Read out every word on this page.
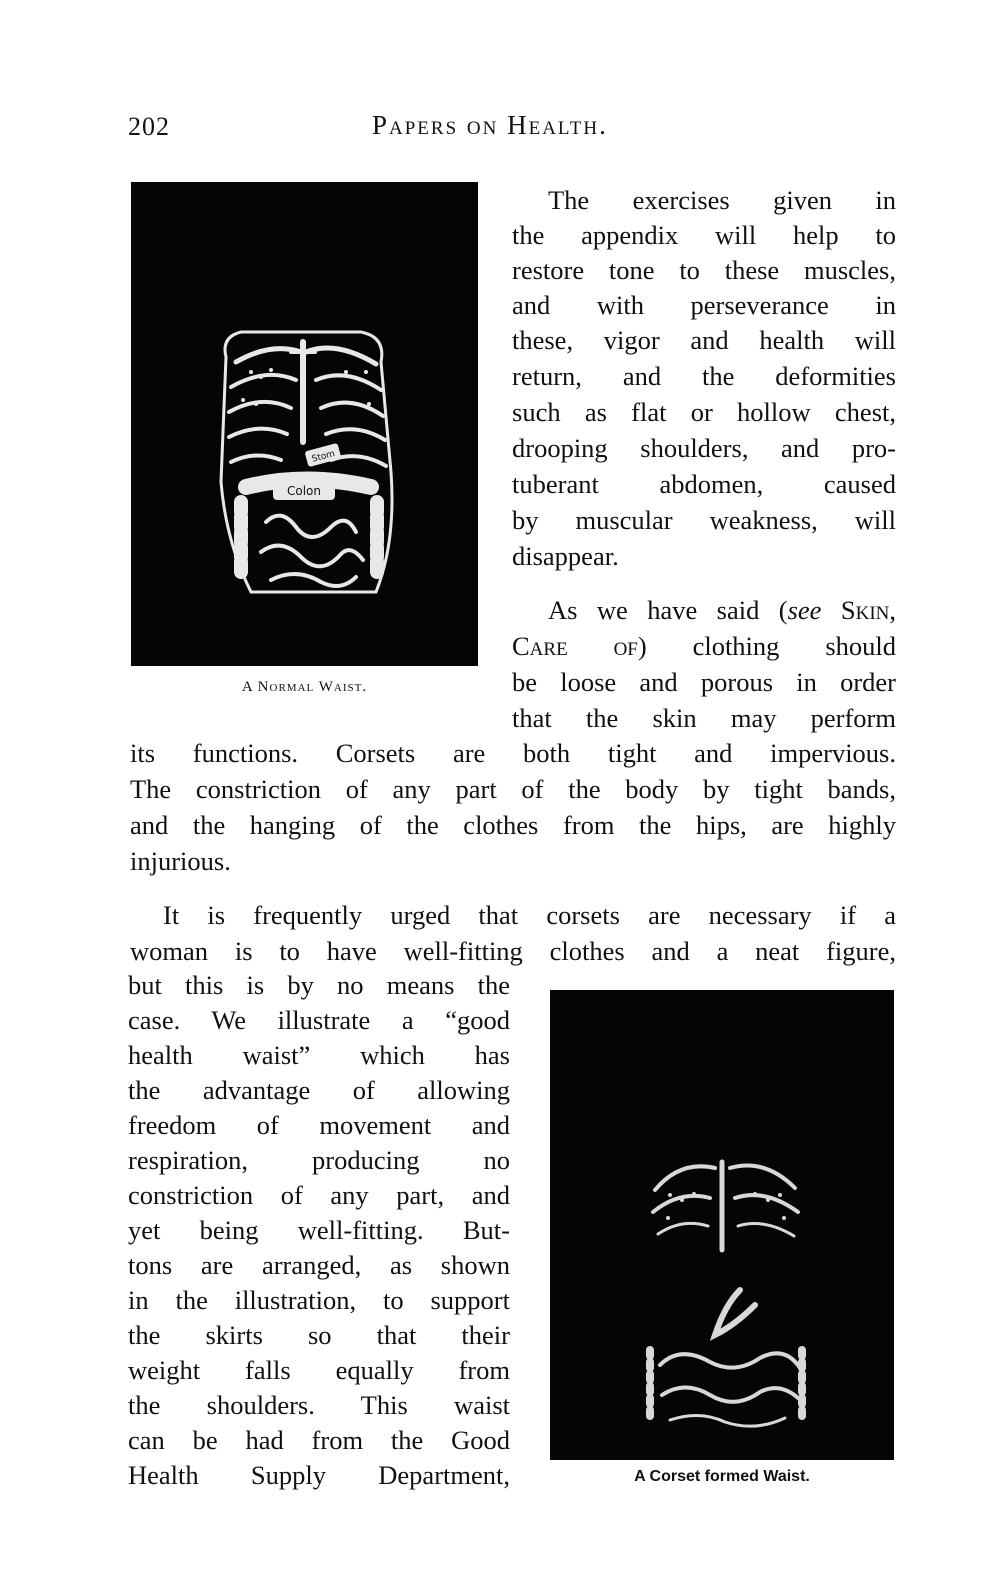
202	Papers on Health.
Stom
Colon
A Normal Waist.
A Corset formed Waist.
The exercises given in
the appendix will help to
restore tone to these muscles,
and with perseverance in
these, vigor and health will
return, and the deformities
such as flat or hollow chest,
drooping shoulders, and pro-
tuberant abdomen, caused
by muscular weakness, will
disappear.
As we have said (see Skin,
Care of) clothing should
be loose and porous in order
that the skin may perform
its functions. Corsets are both tight and impervious.
The constriction of any part of the body by tight bands,
and the hanging of the clothes from the hips, are highly
injurious.
It is frequently urged that corsets are necessary if a
woman is to have well-fitting clothes and a neat figure,
but this is by no means the
case. We illustrate a “good
health waist” which has
the advantage of allowing
freedom of movement and
respiration, producing no
constriction of any part, and
yet being well-fitting. But-
tons are arranged, as shown
in the illustration, to support
the skirts so that their
weight falls equally from
the shoulders. This waist
can be had from the Good
Health Supply Department,
